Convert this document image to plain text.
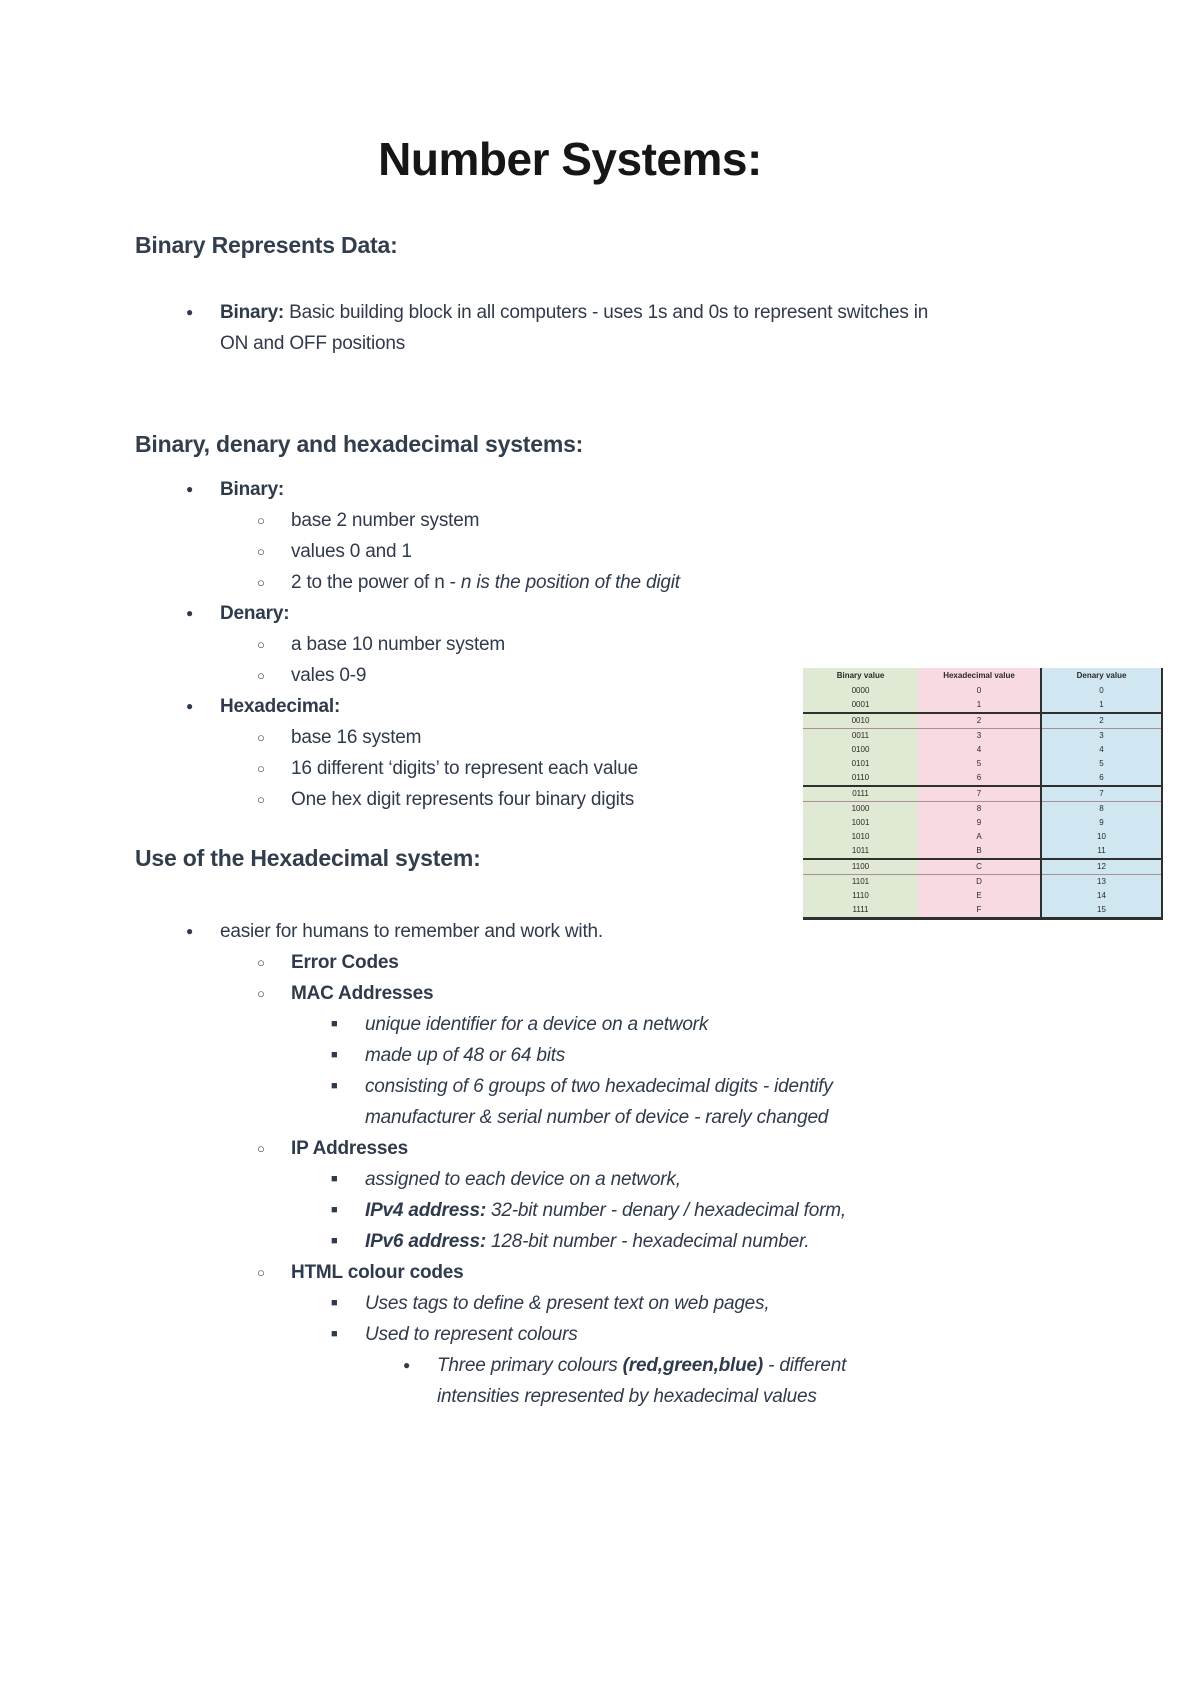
Number Systems:
Binary Represents Data:
●	Binary: Basic building block in all computers - uses 1s and 0s to represent switches in ON and OFF positions
Binary, denary and hexadecimal systems:
●	Binary:
○	base 2 number system
○	values 0 and 1
○	2 to the power of n - n is the position of the digit
●	Denary:
○	a base 10 number system
○	vales 0-9
●	Hexadecimal:
○	base 16 system
○	16 different ‘digits’ to represent each value
○	One hex digit represents four binary digits
Use of the Hexadecimal system:
●	easier for humans to remember and work with.
○	Error Codes
○	MAC Addresses
■	unique identifier for a device on a network
■	made up of 48 or 64 bits
■	consisting of 6 groups of two hexadecimal digits - identify manufacturer & serial number of device - rarely changed
○	IP Addresses
■	assigned to each device on a network,
■	IPv4 address: 32-bit number - denary / hexadecimal form,
■	IPv6 address: 128-bit number - hexadecimal number.
○	HTML colour codes
■	Uses tags to define & present text on web pages,
■	Used to represent colours
●	Three primary colours (red,green,blue) - different intensities represented by hexadecimal values
Binary value	Hexadecimal value	Denary value
0000	0	0
0001	1	1
0010	2	2
0011	3	3
0100	4	4
0101	5	5
0110	6	6
0111	7	7
1000	8	8
1001	9	9
1010	A	10
1011	B	11
1100	C	12
1101	D	13
1110	E	14
1111	F	15
